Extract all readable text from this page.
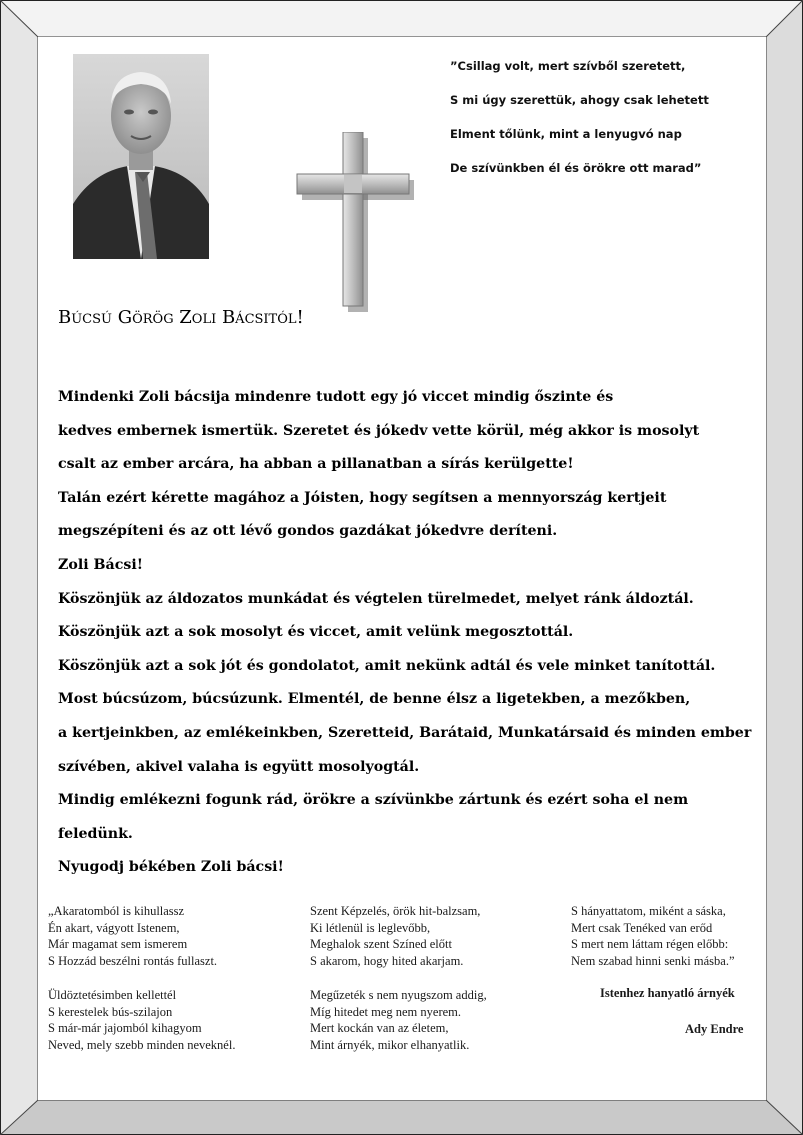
”Csillag volt, mert szívből szeretett,
S mi úgy szerettük, ahogy csak lehetett
Elment tőlünk, mint a lenyugvó nap
De szívünkben él és örökre ott marad”
Búcsú Görög Zoli Bácsitól!
Mindenki Zoli bácsija mindenre tudott egy jó viccet mindig őszinte és
kedves embernek ismertük. Szeretet és jókedv vette körül, még akkor is mosolyt
csalt az ember arcára, ha abban a pillanatban a sírás kerülgette!
Talán ezért kérette magához a Jóisten, hogy segítsen a mennyország kertjeit
megszépíteni és az ott lévő gondos gazdákat jókedvre deríteni.
Zoli Bácsi!
Köszönjük az áldozatos munkádat és végtelen türelmedet, melyet ránk áldoztál.
Köszönjük azt a sok mosolyt és viccet, amit velünk megosztottál.
Köszönjük azt a sok jót és gondolatot, amit nekünk adtál és vele minket tanítottál.
Most búcsúzom, búcsúzunk. Elmentél, de benne élsz a ligetekben, a mezőkben,
a kertjeinkben, az emlékeinkben, Szeretteid, Barátaid, Munkatársaid és minden ember
szívében, akivel valaha is együtt mosolyogtál.
Mindig emlékezni fogunk rád, örökre a szívünkbe zártunk és ezért soha el nem
feledünk.
Nyugodj békében Zoli bácsi!
„Akaratomból is kihullassz
Én akart, vágyott Istenem,
Már magamat sem ismerem
S Hozzád beszélni rontás fullaszt.
Üldöztetésimben kellettél
S kerestelek bús-szilajon
S már-már jajomból kihagyom
Neved, mely szebb minden neveknél.
Szent Képzelés, örök hit-balzsam,
Ki létlenül is leglevőbb,
Meghalok szent Színed előtt
S akarom, hogy hited akarjam.
Megűzeték s nem nyugszom addig,
Míg hitedet meg nem nyerem.
Mert kockán van az életem,
Mint árnyék, mikor elhanyatlik.
S hányattatom, miként a sáska,
Mert csak Tenéked van erőd
S mert nem láttam régen előbb:
Nem szabad hinni senki másba.”
Istenhez hanyatló árnyék
Ady Endre
